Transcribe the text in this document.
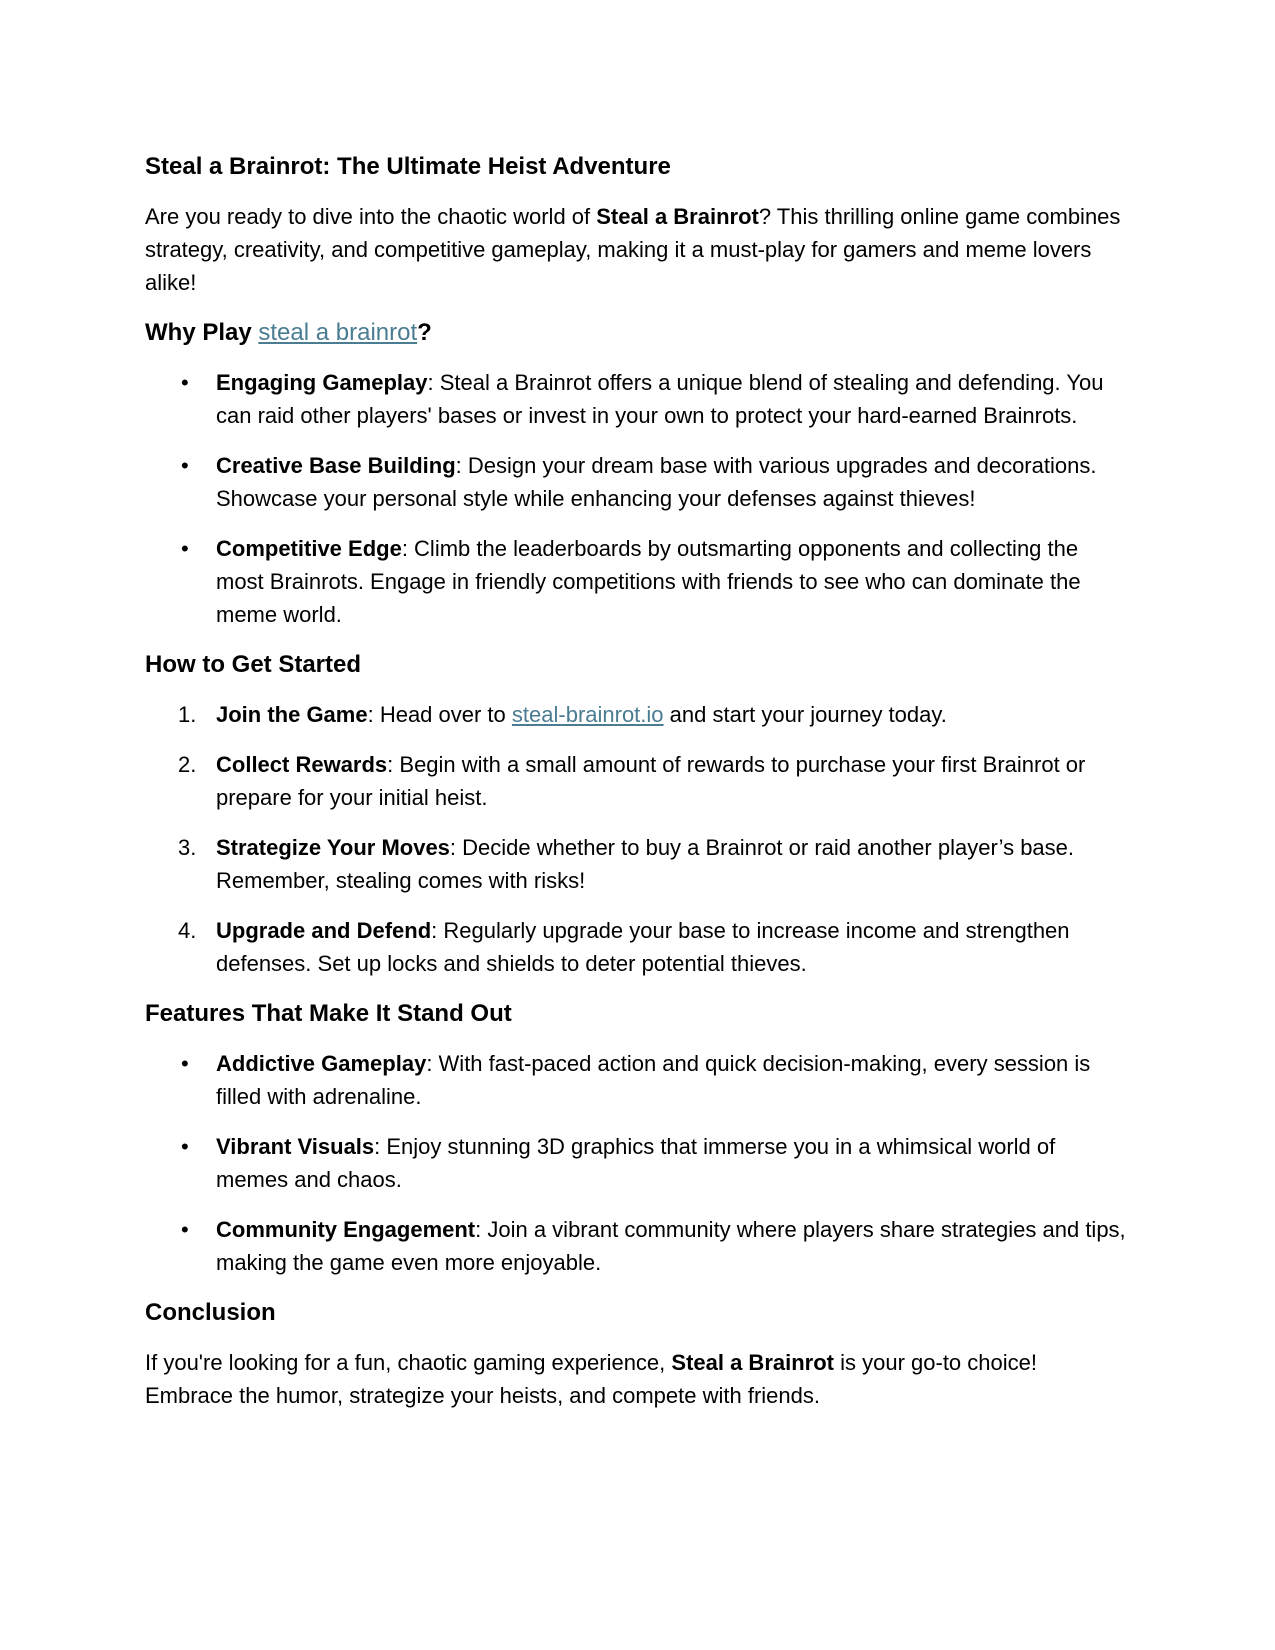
Steal a Brainrot: The Ultimate Heist Adventure

Are you ready to dive into the chaotic world of Steal a Brainrot? This thrilling online game combines strategy, creativity, and competitive gameplay, making it a must-play for gamers and meme lovers alike!

Why Play steal a brainrot?
• Engaging Gameplay: Steal a Brainrot offers a unique blend of stealing and defending. You can raid other players' bases or invest in your own to protect your hard-earned Brainrots.
• Creative Base Building: Design your dream base with various upgrades and decorations. Showcase your personal style while enhancing your defenses against thieves!
• Competitive Edge: Climb the leaderboards by outsmarting opponents and collecting the most Brainrots. Engage in friendly competitions with friends to see who can dominate the meme world.
How to Get Started
1. Join the Game: Head over to steal-brainrot.io and start your journey today.
2. Collect Rewards: Begin with a small amount of rewards to purchase your first Brainrot or prepare for your initial heist.
3. Strategize Your Moves: Decide whether to buy a Brainrot or raid another player’s base. Remember, stealing comes with risks!
4. Upgrade and Defend: Regularly upgrade your base to increase income and strengthen defenses. Set up locks and shields to deter potential thieves.
Features That Make It Stand Out
• Addictive Gameplay: With fast-paced action and quick decision-making, every session is filled with adrenaline.
• Vibrant Visuals: Enjoy stunning 3D graphics that immerse you in a whimsical world of memes and chaos.
• Community Engagement: Join a vibrant community where players share strategies and tips, making the game even more enjoyable.
Conclusion

If you're looking for a fun, chaotic gaming experience, Steal a Brainrot is your go-to choice! Embrace the humor, strategize your heists, and compete with friends.
